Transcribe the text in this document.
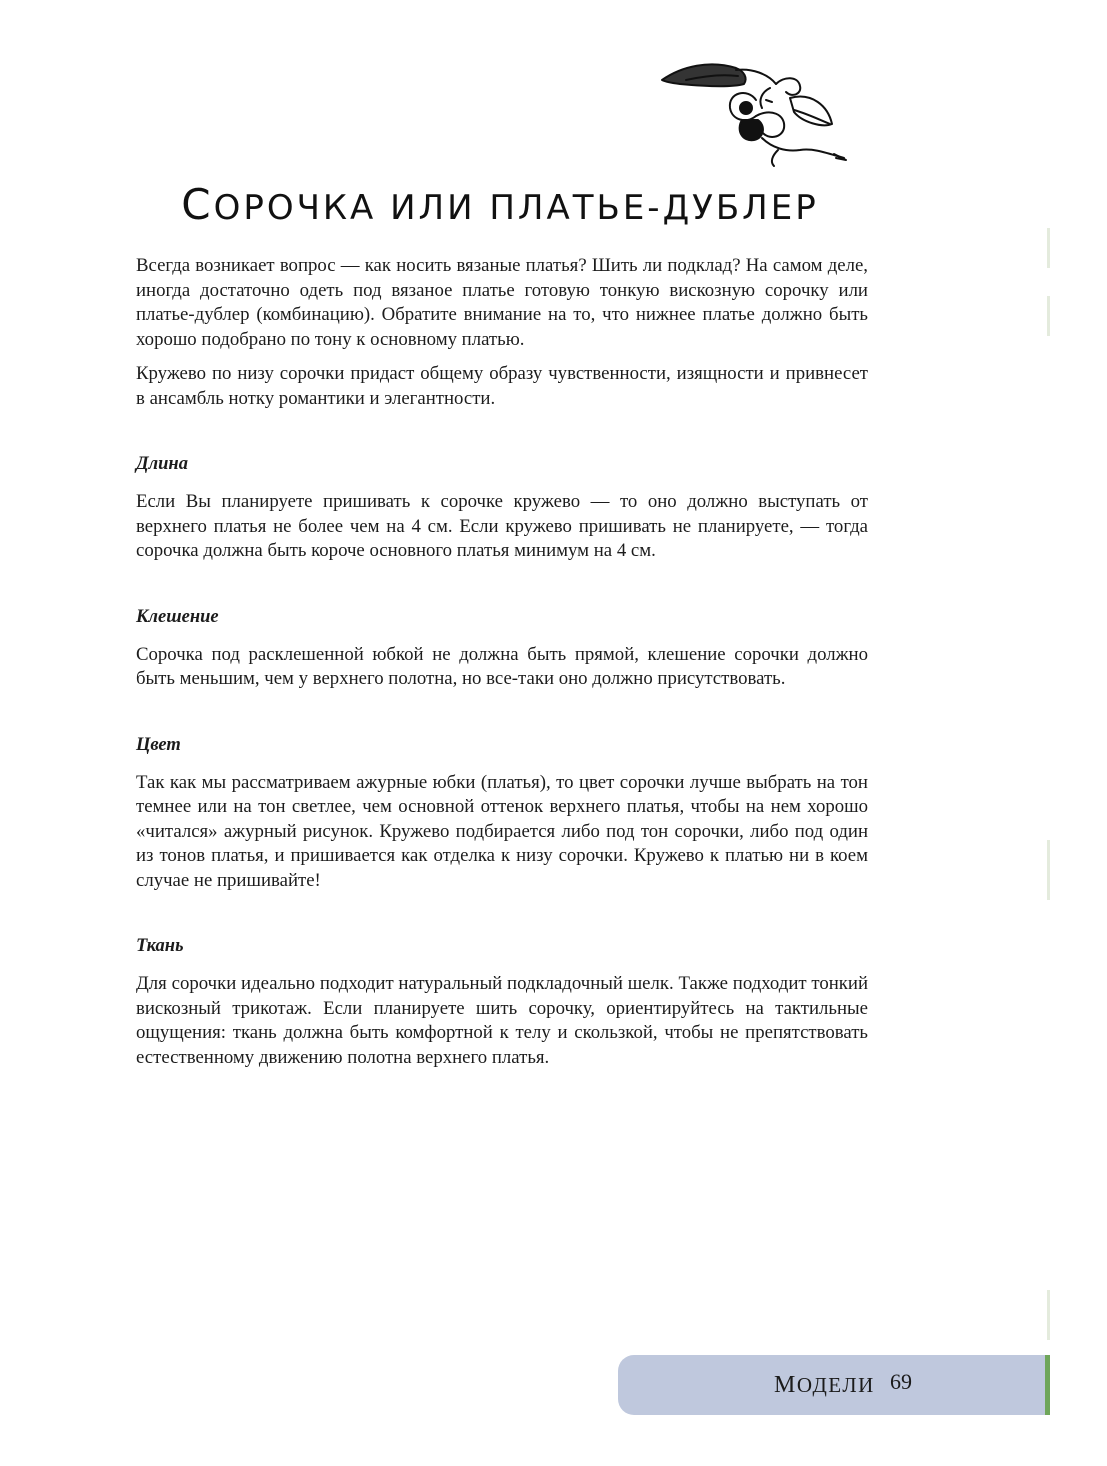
СОРОЧКА ИЛИ ПЛАТЬЕ-ДУБЛЕР

Всегда возникает вопрос — как носить вязаные платья? Шить ли подклад? На самом деле, иногда достаточно одеть под вязаное платье готовую тонкую вискозную сорочку или платье-дублер (комбинацию). Обратите внимание на то, что нижнее платье должно быть хорошо подобрано по тону к основному платью.

Кружево по низу сорочки придаст общему образу чувственности, изящности и привнесет в ансамбль нотку романтики и элегантности.

Длина

Если Вы планируете пришивать к сорочке кружево — то оно должно выступать от верхнего платья не более чем на 4 см. Если кружево пришивать не планируете, — тогда сорочка должна быть короче основного платья минимум на 4 см.

Клешение

Сорочка под расклешенной юбкой не должна быть прямой, клешение сорочки должно быть меньшим, чем у верхнего полотна, но все-таки оно должно присутствовать.

Цвет

Так как мы рассматриваем ажурные юбки (платья), то цвет сорочки лучше выбрать на тон темнее или на тон светлее, чем основной оттенок верхнего платья, чтобы на нем хорошо «читался» ажурный рисунок. Кружево подбирается либо под тон сорочки, либо под один из тонов платья, и пришивается как отделка к низу сорочки. Кружево к платью ни в коем случае не пришивайте!

Ткань

Для сорочки идеально подходит натуральный подкладочный шелк. Также подходит тонкий вискозный трикотаж. Если планируете шить сорочку, ориентируйтесь на тактильные ощущения: ткань должна быть комфортной к телу и скользкой, чтобы не препятствовать естественному движению полотна верхнего платья.

МОДЕЛИ 69
